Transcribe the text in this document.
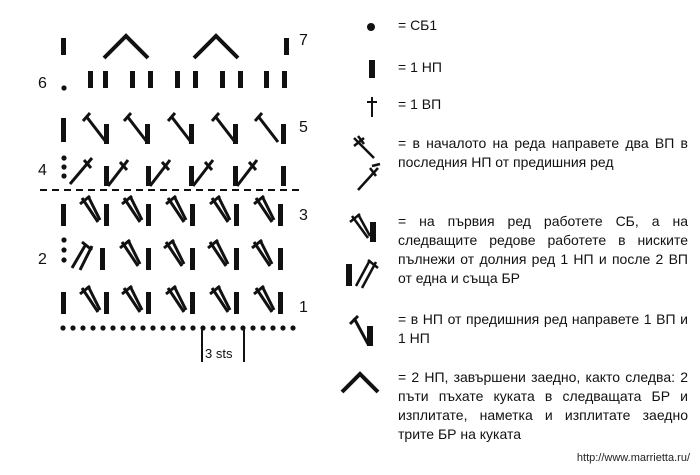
1
2
3
4
5
6
7
3 sts
= СБ1
= 1 НП
= 1 ВП
= в началото на реда направете два ВП в последния НП от предишния ред
= на първия ред работете СБ, а на следващите редове работете в ниските пълнежи от долния ред 1 НП и после 2 ВП от една и съща БР
= в НП от предишния ред направете 1 ВП и 1 НП
= 2 НП, завършени заедно, както следва: 2 пъти пъхате куката в следващата БР и изплитате, наметка и изплитате заедно трите БР на куката
http://www.marrietta.ru/
